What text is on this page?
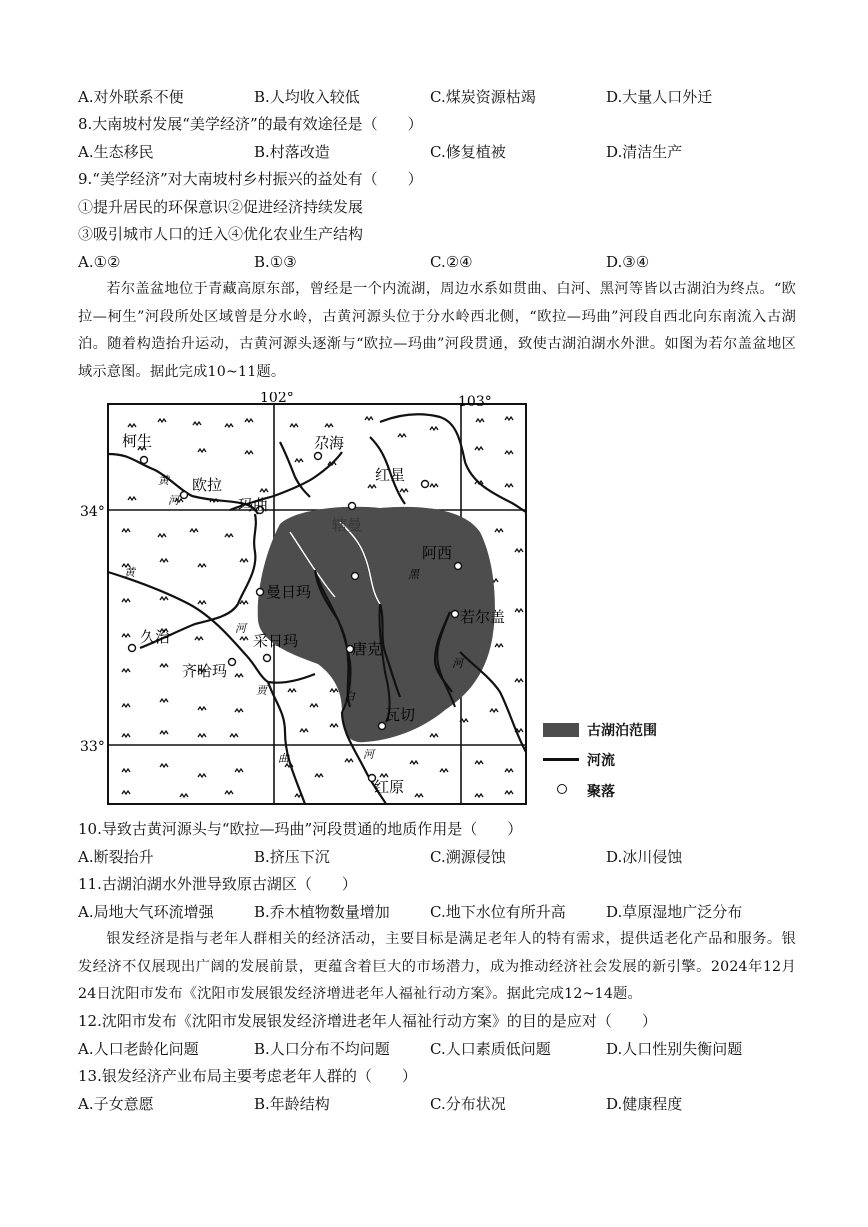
A.对外联系不便	B.人均收入较低	C.煤炭资源枯竭	D.大量人口外迁
8.大南坡村发展“美学经济”的最有效途径是（　　）
A.生态移民	B.村落改造	C.修复植被	D.清洁生产
9.“美学经济”对大南坡村乡村振兴的益处有（　　）
①提升居民的环保意识②促进经济持续发展
③吸引城市人口的迁入④优化农业生产结构
A.①②	B.①③	C.②④	D.③④
若尔盖盆地位于青藏高原东部，曾经是一个内流湖，周边水系如贯曲、白河、黑河等皆以古湖泊为终点。“欧拉—柯生”河段所处区域曾是分水岭，古黄河源头位于分水岭西北侧，“欧拉—玛曲”河段自西北向东南流入古湖泊。随着构造抬升运动，古黄河源头逐渐与“欧拉—玛曲”河段贯通，致使古湖泊湖水外泄。如图为若尔盖盆地区域示意图。据此完成10~11题。
102°	103°
34°
33°
柯生
欧拉
玛曲
尕海
红星
辖曼
阿西
唐克
若尔盖
曼日玛
采日玛
久治
齐哈玛
瓦切
红原
黄
河
黄
河
黑
河
白
河
贾
曲
古湖泊范围
河流
聚落
10.导致古黄河源头与“欧拉—玛曲”河段贯通的地质作用是（　　）
A.断裂抬升	B.挤压下沉	C.溯源侵蚀	D.冰川侵蚀
11.古湖泊湖水外泄导致原古湖区（　　）
A.局地大气环流增强	B.乔木植物数量增加	C.地下水位有所升高	D.草原湿地广泛分布
银发经济是指与老年人群相关的经济活动，主要目标是满足老年人的特有需求，提供适老化产品和服务。银发经济不仅展现出广阔的发展前景，更蕴含着巨大的市场潜力，成为推动经济社会发展的新引擎。2024年12月24日沈阳市发布《沈阳市发展银发经济增进老年人福祉行动方案》。据此完成12~14题。
12.沈阳市发布《沈阳市发展银发经济增进老年人福祉行动方案》的目的是应对（　　）
A.人口老龄化问题	B.人口分布不均问题	C.人口素质低问题	D.人口性别失衡问题
13.银发经济产业布局主要考虑老年人群的（　　）
A.子女意愿	B.年龄结构	C.分布状况	D.健康程度
